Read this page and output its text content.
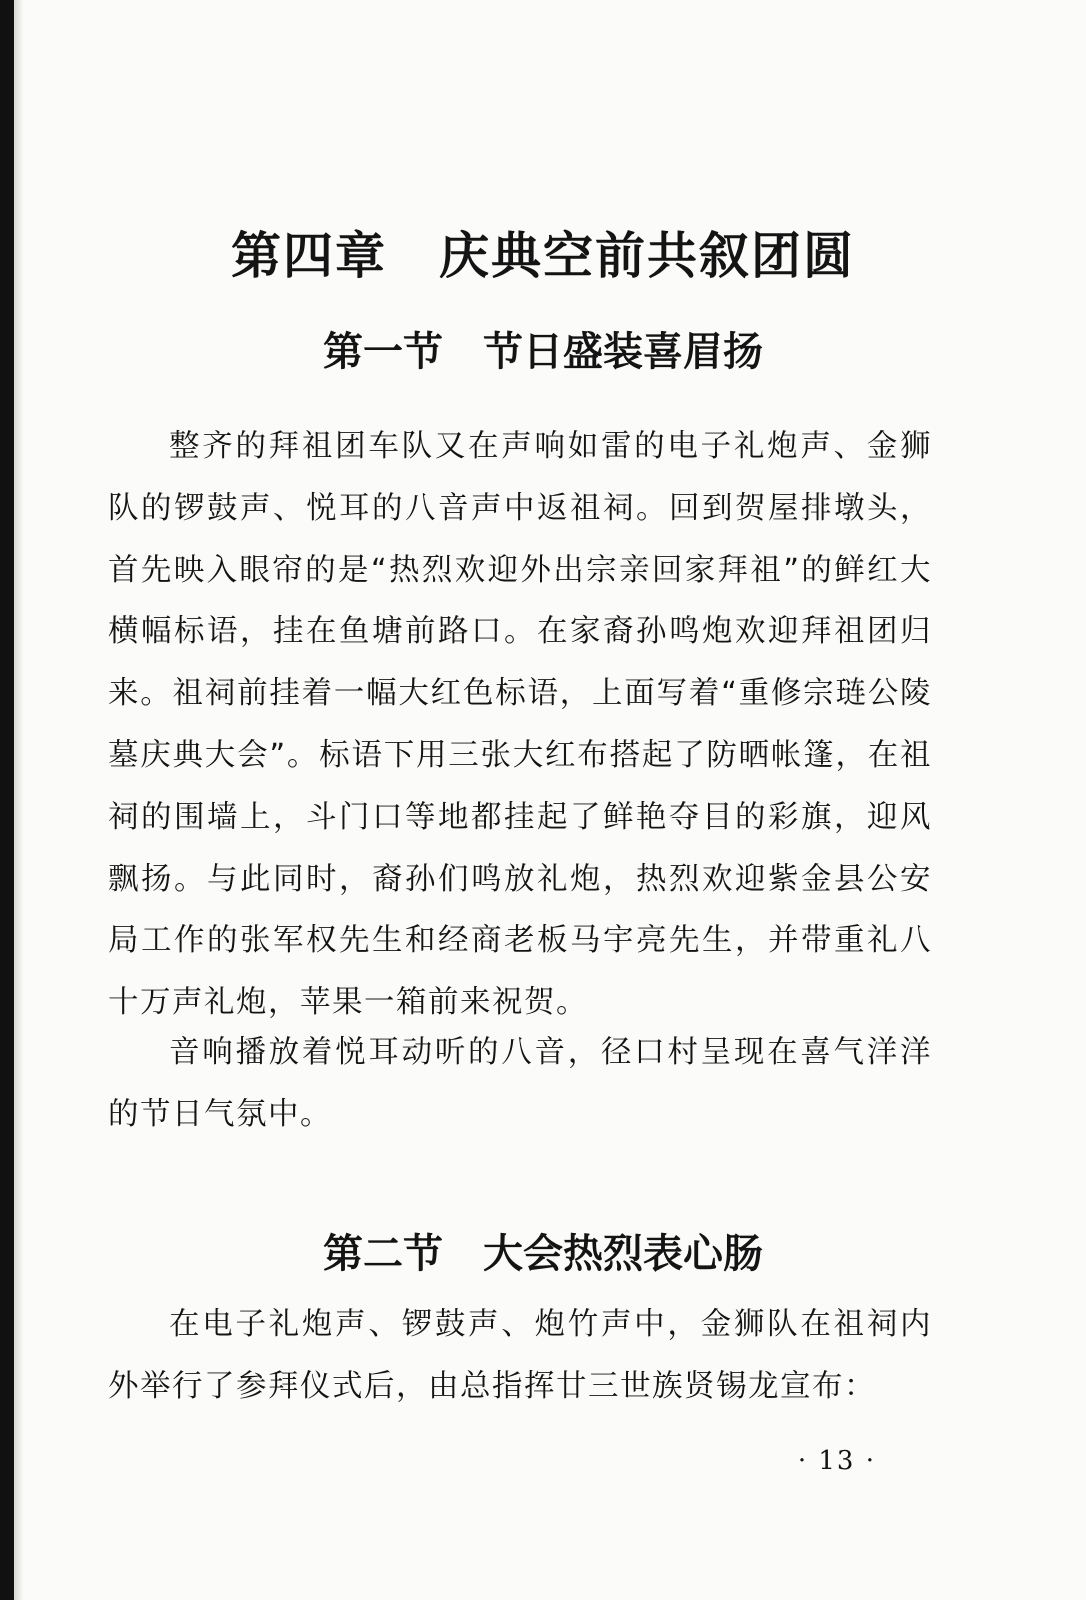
第四章　庆典空前共叙团圆
第一节　节日盛装喜眉扬

整齐的拜祖团车队又在声响如雷的电子礼炮声、金狮队的锣鼓声、悦耳的八音声中返祖祠。回到贺屋排墩头，首先映入眼帘的是“热烈欢迎外出宗亲回家拜祖”的鲜红大横幅标语，挂在鱼塘前路口。在家裔孙鸣炮欢迎拜祖团归来。祖祠前挂着一幅大红色标语，上面写着“重修宗琏公陵墓庆典大会”。标语下用三张大红布搭起了防晒帐篷，在祖祠的围墙上，斗门口等地都挂起了鲜艳夺目的彩旗，迎风飘扬。与此同时，裔孙们鸣放礼炮，热烈欢迎紫金县公安局工作的张军权先生和经商老板马宇亮先生，并带重礼八十万声礼炮，苹果一箱前来祝贺。

音响播放着悦耳动听的八音，径口村呈现在喜气洋洋的节日气氛中。

第二节　大会热烈表心肠

在电子礼炮声、锣鼓声、炮竹声中，金狮队在祖祠内外举行了参拜仪式后，由总指挥廿三世族贤锡龙宣布：

· 13 ·
